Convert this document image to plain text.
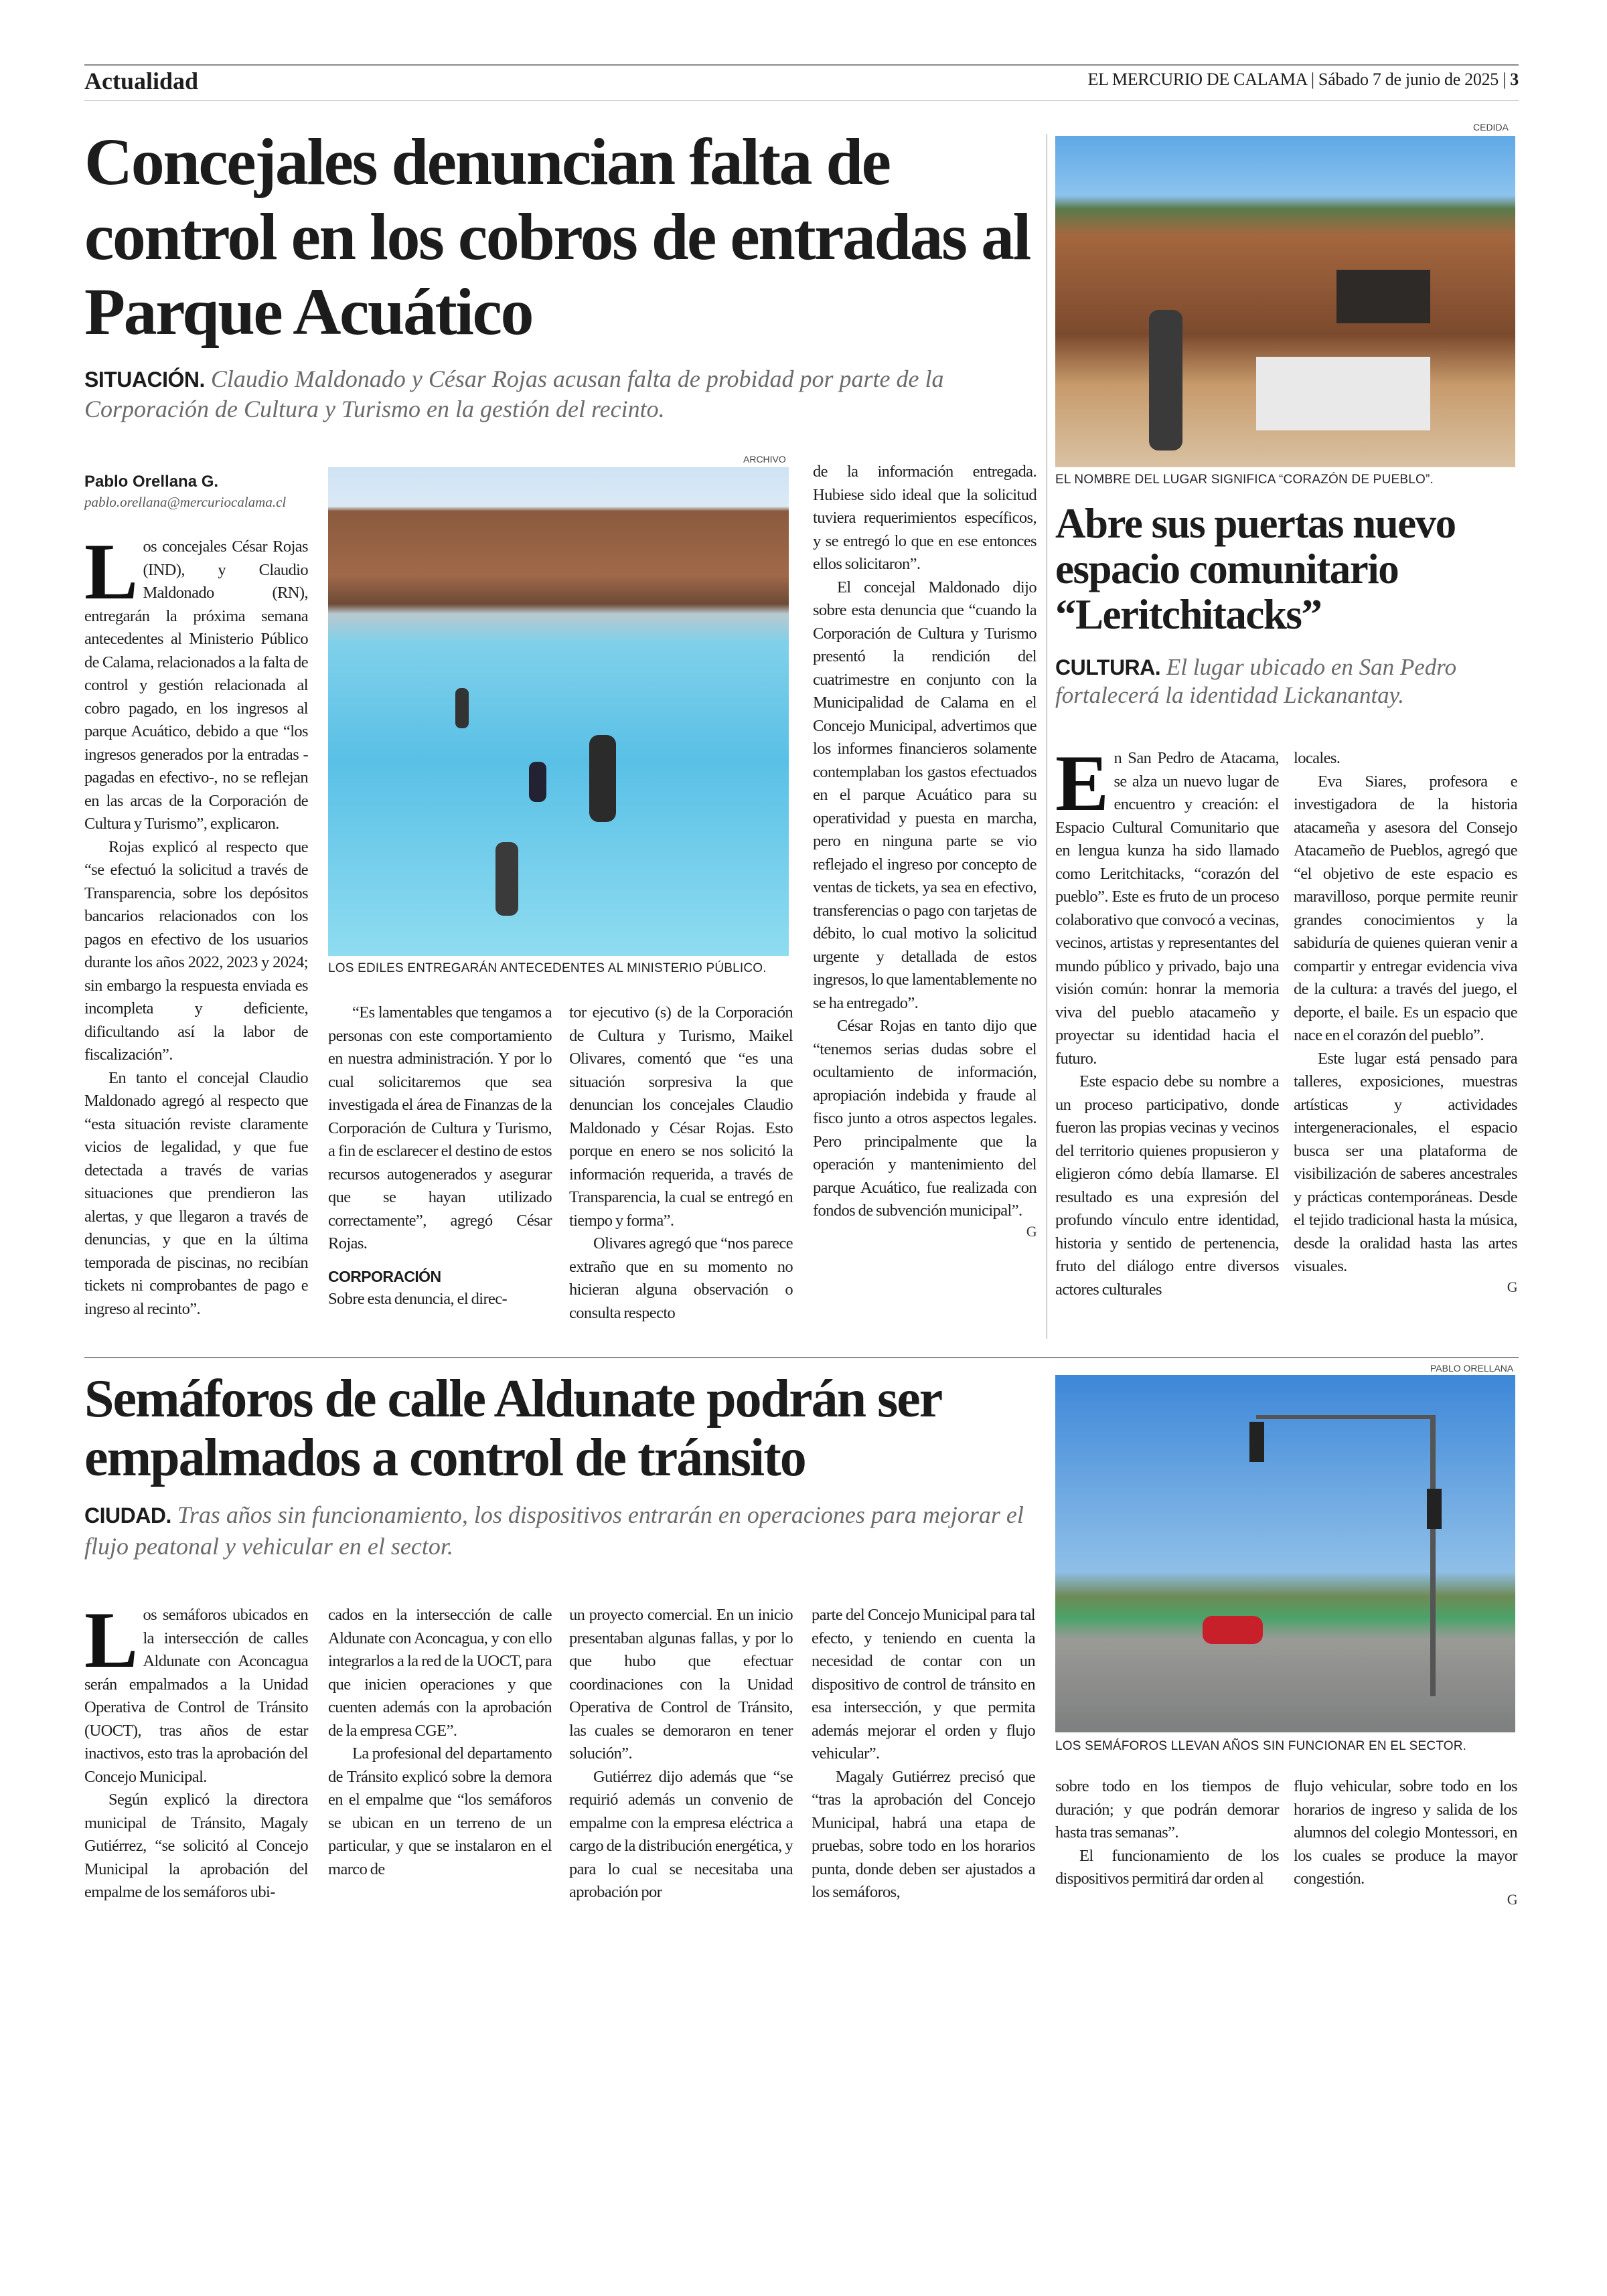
Actualidad	EL MERCURIO DE CALAMA | Sábado 7 de junio de 2025 | 3
Concejales denuncian falta de control en los cobros de entradas al Parque Acuático
SITUACIÓN. Claudio Maldonado y César Rojas acusan falta de probidad por parte de la Corporación de Cultura y Turismo en la gestión del recinto.
Pablo Orellana G.
pablo.orellana@mercuriocalama.cl

Los concejales César Rojas (IND), y Claudio Maldonado (RN), entregarán la próxima semana antecedentes al Ministerio Público de Calama, relacionados a la falta de control y gestión relacionada al cobro pagado, en los ingresos al parque Acuático, debido a que “los ingresos generados por la entradas -pagadas en efectivo-, no se reflejan en las arcas de la Corporación de Cultura y Turismo”, explicaron.

Rojas explicó al respecto que “se efectuó la solicitud a través de Transparencia, sobre los depósitos bancarios relacionados con los pagos en efectivo de los usuarios durante los años 2022, 2023 y 2024; sin embargo la respuesta enviada es incompleta y deficiente, dificultando así la labor de fiscalización”.

En tanto el concejal Claudio Maldonado agregó al respecto que “esta situación reviste claramente vicios de legalidad, y que fue detectada a través de varias situaciones que prendieron las alertas, y que llegaron a través de denuncias, y que en la última temporada de piscinas, no recibían tickets ni comprobantes de pago e ingreso al recinto”.

ARCHIVO
LOS EDILES ENTREGARÁN ANTECEDENTES AL MINISTERIO PÚBLICO.

“Es lamentables que tengamos a personas con este comportamiento en nuestra administración. Y por lo cual solicitaremos que sea investigada el área de Finanzas de la Corporación de Cultura y Turismo, a fin de esclarecer el destino de estos recursos autogenerados y asegurar que se hayan utilizado correctamente”, agregó César Rojas.

CORPORACIÓN

Sobre esta denuncia, el direc-

tor ejecutivo (s) de la Corporación de Cultura y Turismo, Maikel Olivares, comentó que “es una situación sorpresiva la que denuncian los concejales Claudio Maldonado y César Rojas. Esto porque en enero se nos solicitó la información requerida, a través de Transparencia, la cual se entregó en tiempo y forma”.

Olivares agregó que “nos parece extraño que en su momento no hicieran alguna observación o consulta respecto

de la información entregada. Hubiese sido ideal que la solicitud tuviera requerimientos específicos, y se entregó lo que en ese entonces ellos solicitaron”.

El concejal Maldonado dijo sobre esta denuncia que “cuando la Corporación de Cultura y Turismo presentó la rendición del cuatrimestre en conjunto con la Municipalidad de Calama en el Concejo Municipal, advertimos que los informes financieros solamente contemplaban los gastos efectuados en el parque Acuático para su operatividad y puesta en marcha, pero en ninguna parte se vio reflejado el ingreso por concepto de ventas de tickets, ya sea en efectivo, transferencias o pago con tarjetas de débito, lo cual motivo la solicitud urgente y detallada de estos ingresos, lo que lamentablemente no se ha entregado”.

César Rojas en tanto dijo que “tenemos serias dudas sobre el ocultamiento de información, apropiación indebida y fraude al fisco junto a otros aspectos legales. Pero principalmente que la operación y mantenimiento del parque Acuático, fue realizada con fondos de subvención municipal”.

G
CEDIDA
EL NOMBRE DEL LUGAR SIGNIFICA “CORAZÓN DE PUEBLO”.
Abre sus puertas nuevo espacio comunitario “Leritchitacks”
CULTURA. El lugar ubicado en San Pedro fortalecerá la identidad Lickanantay.

En San Pedro de Atacama, se alza un nuevo lugar de encuentro y creación: el Espacio Cultural Comunitario que en lengua kunza ha sido llamado como Leritchitacks, “corazón del pueblo”. Este es fruto de un proceso colaborativo que convocó a vecinas, vecinos, artistas y representantes del mundo público y privado, bajo una visión común: honrar la memoria viva del pueblo atacameño y proyectar su identidad hacia el futuro.

Este espacio debe su nombre a un proceso participativo, donde fueron las propias vecinas y vecinos del territorio quienes propusieron y eligieron cómo debía llamarse. El resultado es una expresión del profundo vínculo entre identidad, historia y sentido de pertenencia, fruto del diálogo entre diversos actores culturales

locales.

Eva Siares, profesora e investigadora de la historia atacameña y asesora del Consejo Atacameño de Pueblos, agregó que “el objetivo de este espacio es maravilloso, porque permite reunir grandes conocimientos y la sabiduría de quienes quieran venir a compartir y entregar evidencia viva de la cultura: a través del juego, el deporte, el baile. Es un espacio que nace en el corazón del pueblo”.

Este lugar está pensado para talleres, exposiciones, muestras artísticas y actividades intergeneracionales, el espacio busca ser una plataforma de visibilización de saberes ancestrales y prácticas contemporáneas. Desde el tejido tradicional hasta la música, desde la oralidad hasta las artes visuales.

G
Semáforos de calle Aldunate podrán ser empalmados a control de tránsito
CIUDAD. Tras años sin funcionamiento, los dispositivos entrarán en operaciones para mejorar el flujo peatonal y vehicular en el sector.

Los semáforos ubicados en la intersección de calles Aldunate con Aconcagua serán empalmados a la Unidad Operativa de Control de Tránsito (UOCT), tras años de estar inactivos, esto tras la aprobación del Concejo Municipal.

Según explicó la directora municipal de Tránsito, Magaly Gutiérrez, “se solicitó al Concejo Municipal la aprobación del empalme de los semáforos ubi-

cados en la intersección de calle Aldunate con Aconcagua, y con ello integrarlos a la red de la UOCT, para que inicien operaciones y que cuenten además con la aprobación de la empresa CGE”.

La profesional del departamento de Tránsito explicó sobre la demora en el empalme que “los semáforos se ubican en un terreno de un particular, y que se instalaron en el marco de

un proyecto comercial. En un inicio presentaban algunas fallas, y por lo que hubo que efectuar coordinaciones con la Unidad Operativa de Control de Tránsito, las cuales se demoraron en tener solución”.

Gutiérrez dijo además que “se requirió además un convenio de empalme con la empresa eléctrica a cargo de la distribución energética, y para lo cual se necesitaba una aprobación por

parte del Concejo Municipal para tal efecto, y teniendo en cuenta la necesidad de contar con un dispositivo de control de tránsito en esa intersección, y que permita además mejorar el orden y flujo vehicular”.

Magaly Gutiérrez precisó que “tras la aprobación del Concejo Municipal, habrá una etapa de pruebas, sobre todo en los horarios punta, donde deben ser ajustados a los semáforos,

PABLO ORELLANA
LOS SEMÁFOROS LLEVAN AÑOS SIN FUNCIONAR EN EL SECTOR.

sobre todo en los tiempos de duración; y que podrán demorar hasta tras semanas”.

El funcionamiento de los dispositivos permitirá dar orden al

flujo vehicular, sobre todo en los horarios de ingreso y salida de los alumnos del colegio Montessori, en los cuales se produce la mayor congestión.

G
